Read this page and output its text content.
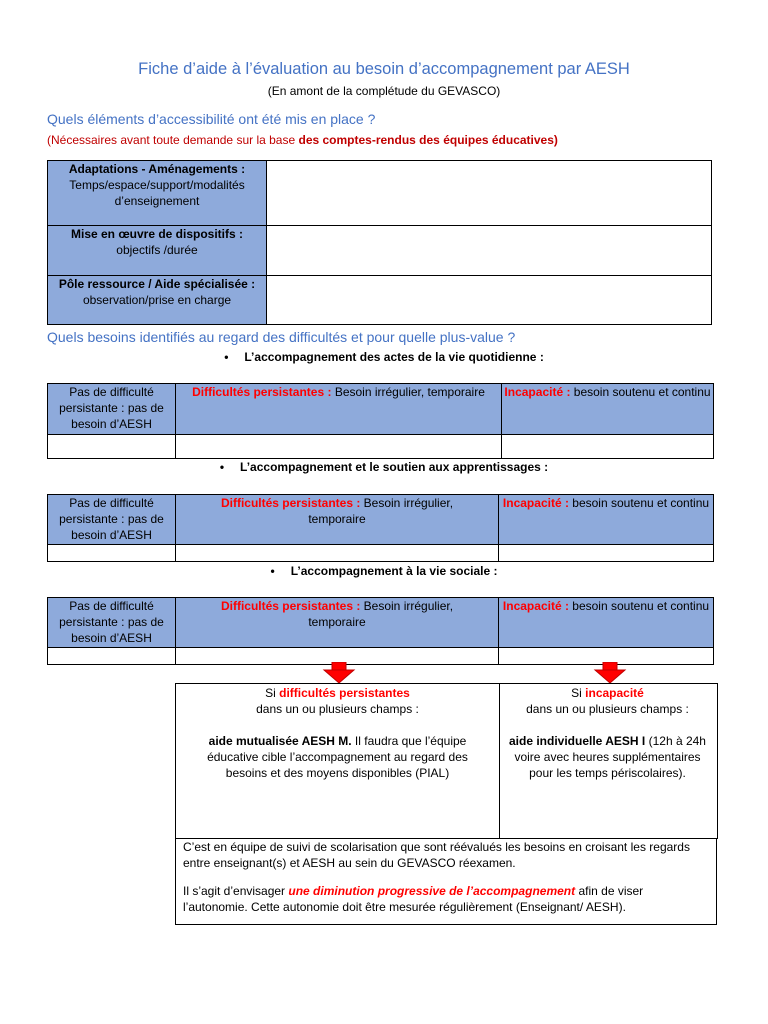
Fiche d’aide à l’évaluation au besoin d’accompagnement par AESH
(En amont de la complétude du GEVASCO)
Quels éléments d’accessibilité ont été mis en place ?
(Nécessaires avant toute demande sur la base des comptes-rendus des équipes éducatives)
Adaptations - Aménagements :
Temps/espace/support/modalités d’enseignement	
Mise en œuvre de dispositifs :
objectifs /durée	
Pôle ressource / Aide spécialisée :
observation/prise en charge	
Quels besoins identifiés au regard des difficultés et pour quelle plus-value ?
• L’accompagnement des actes de la vie quotidienne :
Pas de difficulté persistante : pas de besoin d’AESH	Difficultés persistantes : Besoin irrégulier, temporaire	Incapacité : besoin soutenu et continu

• L’accompagnement et le soutien aux apprentissages :
Pas de difficulté persistante : pas de besoin d’AESH	Difficultés persistantes : Besoin irrégulier, temporaire	Incapacité : besoin soutenu et continu

• L’accompagnement à la vie sociale :
Pas de difficulté persistante : pas de besoin d’AESH	Difficultés persistantes : Besoin irrégulier, temporaire	Incapacité : besoin soutenu et continu

Si difficultés persistantes
dans un ou plusieurs champs :

aide mutualisée AESH M. Il faudra que l’équipe éducative cible l’accompagnement au regard des besoins et des moyens disponibles (PIAL)
Si incapacité
dans un ou plusieurs champs :

aide individuelle AESH I (12h à 24h voire avec heures supplémentaires pour les temps périscolaires).
C’est en équipe de suivi de scolarisation que sont réévalués les besoins en croisant les regards entre enseignant(s) et AESH au sein du GEVASCO réexamen.
Il s’agit d’envisager une diminution progressive de l’accompagnement afin de viser l’autonomie. Cette autonomie doit être mesurée régulièrement (Enseignant/ AESH).
